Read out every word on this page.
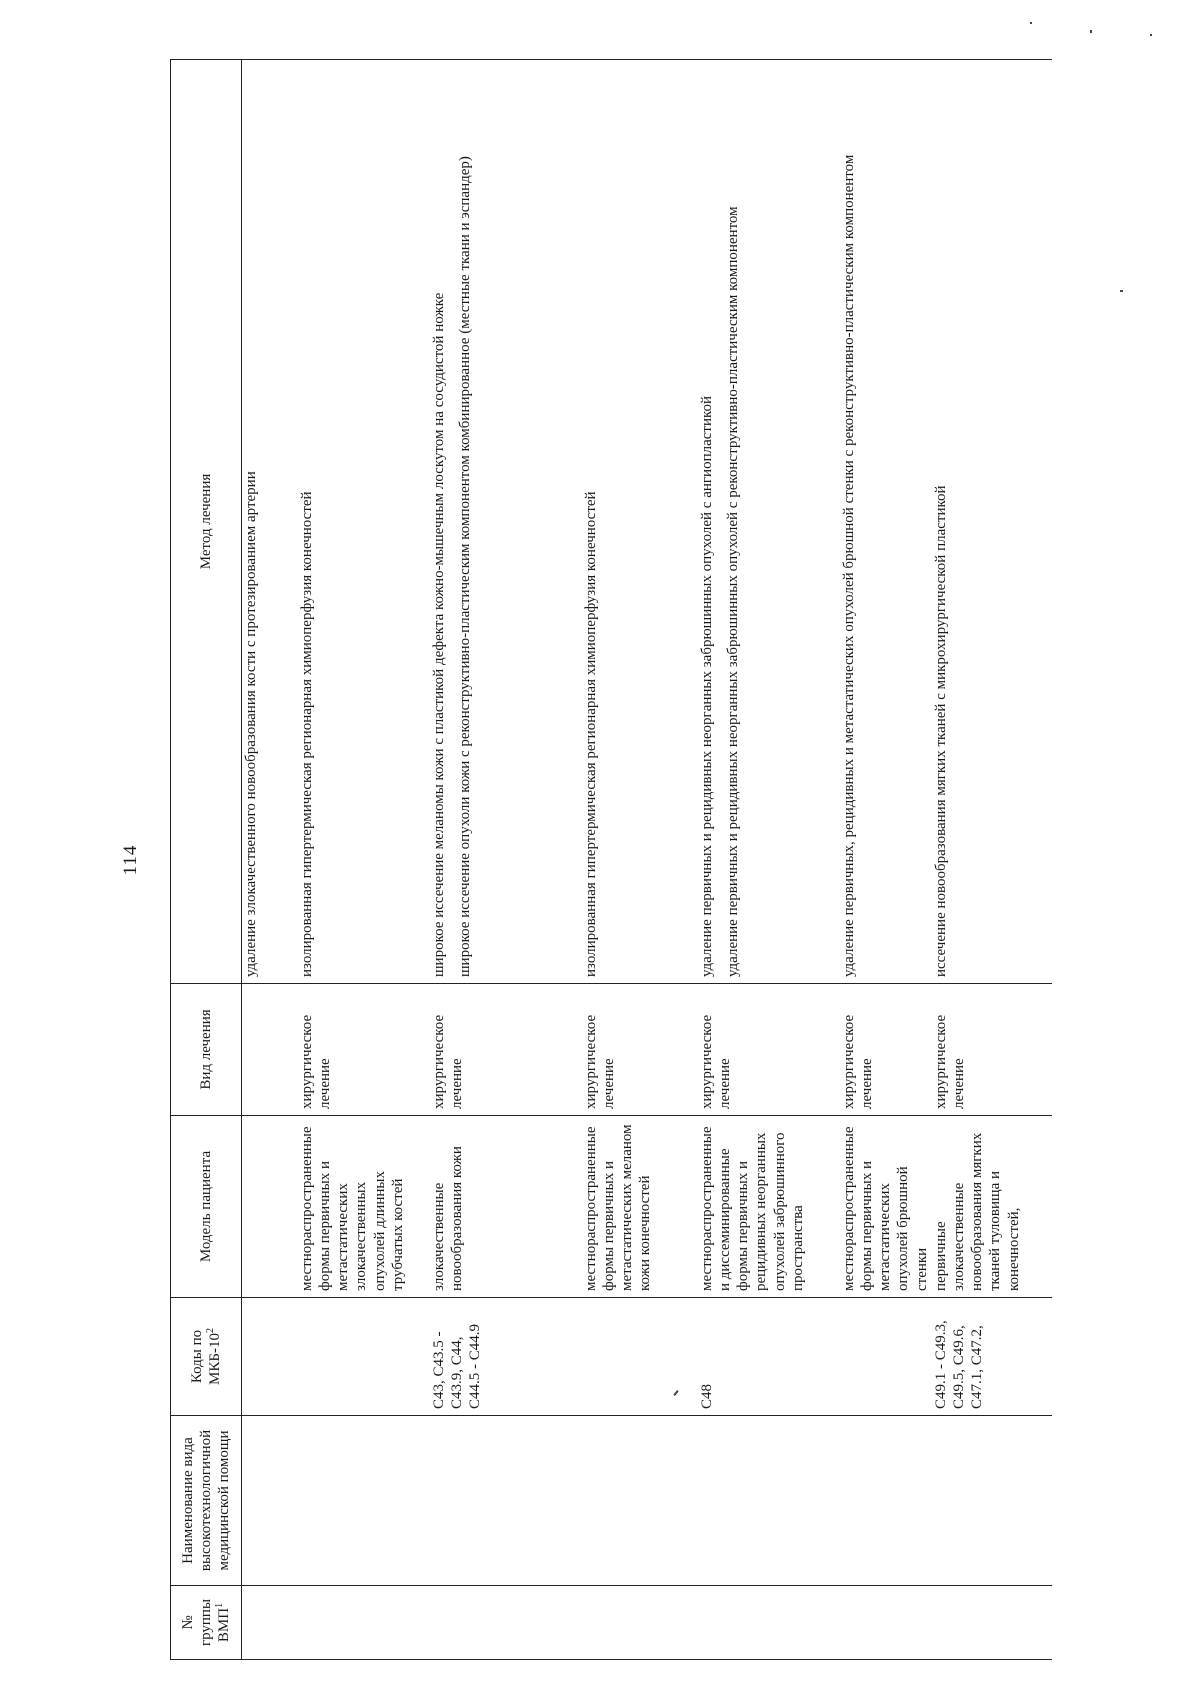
114
№ группы ВМП$^1$	Наименование вида высокотехнологичной медицинской помощи	Коды по МКБ-$10^2$	Модель пациента	Вид лечения	Метод лечения

					удаление злокачественного новообразования кости с протезированием артерии

			местнораспространенные формы первичных и метастатических злокачественных опухолей длинных трубчатых костей	хирургическое лечение	изолированная гипертермическая регионарная химиоперфузия конечностей

		С43, С43.5 - С43.9, С44, С44.5 - С44.9	злокачественные новообразования кожи	хирургическое лечение	широкое иссечение меланомы кожи с пластикой дефекта кожно-мышечным лоскутом на сосудистой ножке широкое иссечение опухоли кожи с реконструктивно-пластическим компонентом комбинированное (местные ткани и эспандер)

			местнораспространенные формы первичных и метастатических меланом кожи конечностей	хирургическое лечение	изолированная гипертермическая регионарная химиоперфузия конечностей

		С48	местнораспространенные и диссеминированные формы первичных и рецидивных неорганных опухолей забрюшинного пространства	хирургическое лечение	удаление первичных и рецидивных неорганных забрюшинных опухолей с ангиопластикой удаление первичных и рецидивных неорганных забрюшинных опухолей с реконструктивно-пластическим компонентом

			местнораспространенные формы первичных и метастатических опухолей брюшной стенки	хирургическое лечение	удаление первичных, рецидивных и метастатических опухолей брюшной стенки с реконструктивно-пластическим компонентом

		С49.1 - С49.3, С49.5, С49.6, С47.1, С47.2,	первичные злокачественные новообразования мягких тканей туловища и конечностей,	хирургическое лечение	иссечение новообразования мягких тканей с микрохирургической пластикой
